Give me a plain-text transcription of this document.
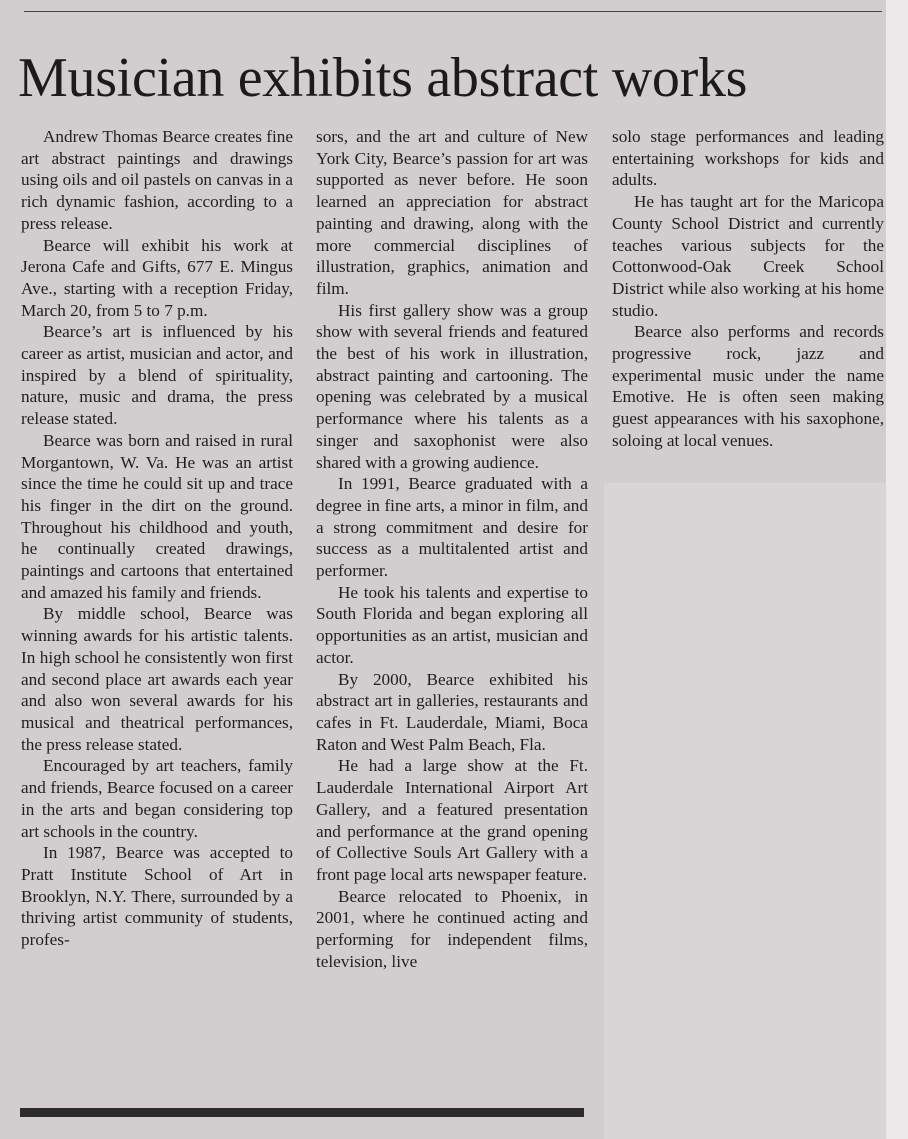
Musician exhibits abstract works

Andrew Thomas Bearce creates fine art abstract paintings and drawings using oils and oil pastels on canvas in a rich dynamic fashion, according to a press release.

Bearce will exhibit his work at Jerona Cafe and Gifts, 677 E. Mingus Ave., starting with a reception Friday, March 20, from 5 to 7 p.m.

Bearce’s art is influenced by his career as artist, musician and actor, and inspired by a blend of spirituality, nature, music and drama, the press release stated.

Bearce was born and raised in rural Morgantown, W. Va. He was an artist since the time he could sit up and trace his finger in the dirt on the ground. Throughout his childhood and youth, he continually created drawings, paintings and cartoons that entertained and amazed his family and friends.

By middle school, Bearce was winning awards for his artistic talents. In high school he consistently won first and second place art awards each year and also won several awards for his musical and theatrical performances, the press release stated.

Encouraged by art teachers, family and friends, Bearce focused on a career in the arts and began considering top art schools in the country.

In 1987, Bearce was accepted to Pratt Institute School of Art in Brooklyn, N.Y. There, surrounded by a thriving artist community of students, profes-

sors, and the art and culture of New York City, Bearce’s passion for art was supported as never before. He soon learned an appreciation for abstract painting and drawing, along with the more commercial disciplines of illustration, graphics, animation and film.

His first gallery show was a group show with several friends and featured the best of his work in illustration, abstract painting and cartooning. The opening was celebrated by a musical performance where his talents as a singer and saxophonist were also shared with a growing audience.

In 1991, Bearce graduated with a degree in fine arts, a minor in film, and a strong commitment and desire for success as a multitalented artist and performer.

He took his talents and expertise to South Florida and began exploring all opportunities as an artist, musician and actor.

By 2000, Bearce exhibited his abstract art in galleries, restaurants and cafes in Ft. Lauderdale, Miami, Boca Raton and West Palm Beach, Fla.

He had a large show at the Ft. Lauderdale International Airport Art Gallery, and a featured presentation and performance at the grand opening of Collective Souls Art Gallery with a front page local arts newspaper feature.

Bearce relocated to Phoenix, in 2001, where he continued acting and performing for independent films, television, live

solo stage performances and leading entertaining workshops for kids and adults.

He has taught art for the Maricopa County School District and currently teaches various subjects for the Cottonwood-Oak Creek School District while also working at his home studio.

Bearce also performs and records progressive rock, jazz and experimental music under the name Emotive. He is often seen making guest appearances with his saxophone, soloing at local venues.
